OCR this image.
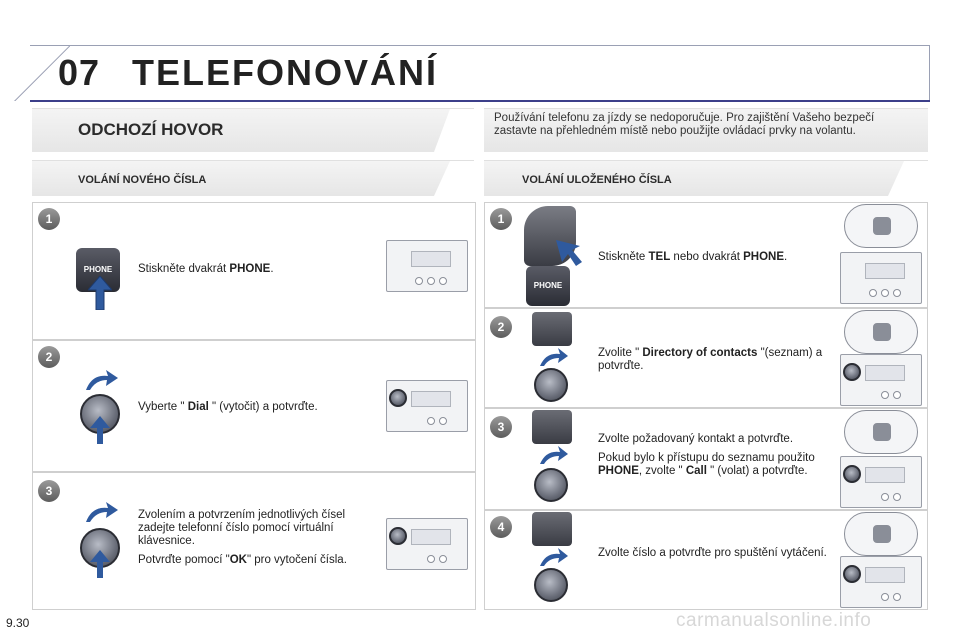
07 TELEFONOVÁNÍ
ODCHOZÍ HOVOR
Používání telefonu za jízdy se nedoporučuje. Pro zajištění Vašeho bezpečí zastavte na přehledném místě nebo použijte ovládací prvky na volantu.
VOLÁNÍ NOVÉHO ČÍSLA	VOLÁNÍ ULOŽENÉHO ČÍSLA
1
PHONE	Stiskněte dvakrát PHONE.
2
Vyberte " Dial " (vytočit) a potvrďte.
3

Zvolením a potvrzením jednotlivých čísel zadejte telefonní číslo pomocí virtuální klávesnice.

Potvrďte pomocí "OK" pro vytočení čísla.

1
PHONE
Stiskněte TEL nebo dvakrát PHONE.
2
Zvolite " Directory of contacts "(seznam) a potvrďte.
3

Zvolte požadovaný kontakt a potvrďte.

Pokud bylo k přístupu do seznamu použito PHONE, zvolte " Call " (volat) a potvrďte.

4
Zvolte číslo a potvrďte pro spuštění vytáčení.
9.30	carmanualsonline.info
